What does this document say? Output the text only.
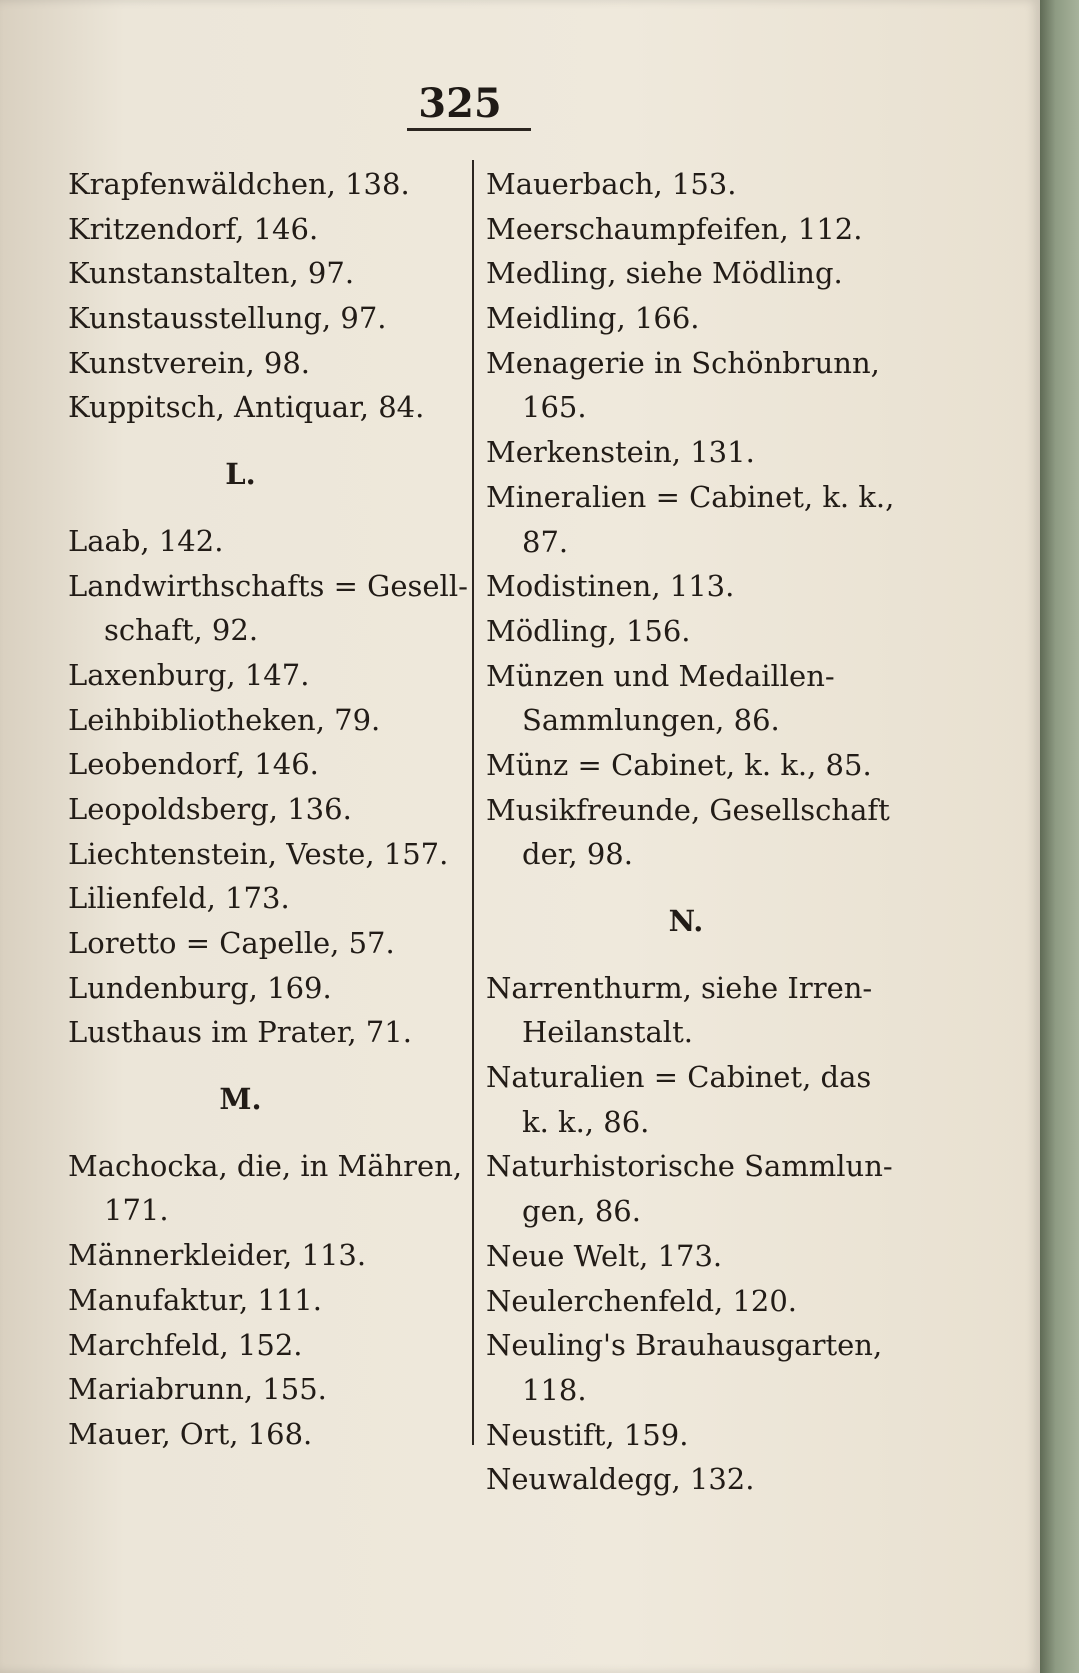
325
Krapfenwäldchen, 138.
Kritzendorf, 146.
Kunstanstalten, 97.
Kunstausstellung, 97.
Kunstverein, 98.
Kuppitsch, Antiquar, 84.
L.
Laab, 142.
Landwirthschafts = Gesell-
schaft, 92.
Laxenburg, 147.
Leihbibliotheken, 79.
Leobendorf, 146.
Leopoldsberg, 136.
Liechtenstein, Veste, 157.
Lilienfeld, 173.
Loretto = Capelle, 57.
Lundenburg, 169.
Lusthaus im Prater, 71.
M.
Machocka, die, in Mähren,
171.
Männerkleider, 113.
Manufaktur, 111.
Marchfeld, 152.
Mariabrunn, 155.
Mauer, Ort, 168.
Mauerbach, 153.
Meerschaumpfeifen, 112.
Medling, siehe Mödling.
Meidling, 166.
Menagerie in Schönbrunn,
165.
Merkenstein, 131.
Mineralien = Cabinet, k. k.,
87.
Modistinen, 113.
Mödling, 156.
Münzen und Medaillen-
Sammlungen, 86.
Münz = Cabinet, k. k., 85.
Musikfreunde, Gesellschaft
der, 98.
N.
Narrenthurm, siehe Irren-
Heilanstalt.
Naturalien = Cabinet, das
k. k., 86.
Naturhistorische Sammlun-
gen, 86.
Neue Welt, 173.
Neulerchenfeld, 120.
Neuling's Brauhausgarten,
118.
Neustift, 159.
Neuwaldegg, 132.
